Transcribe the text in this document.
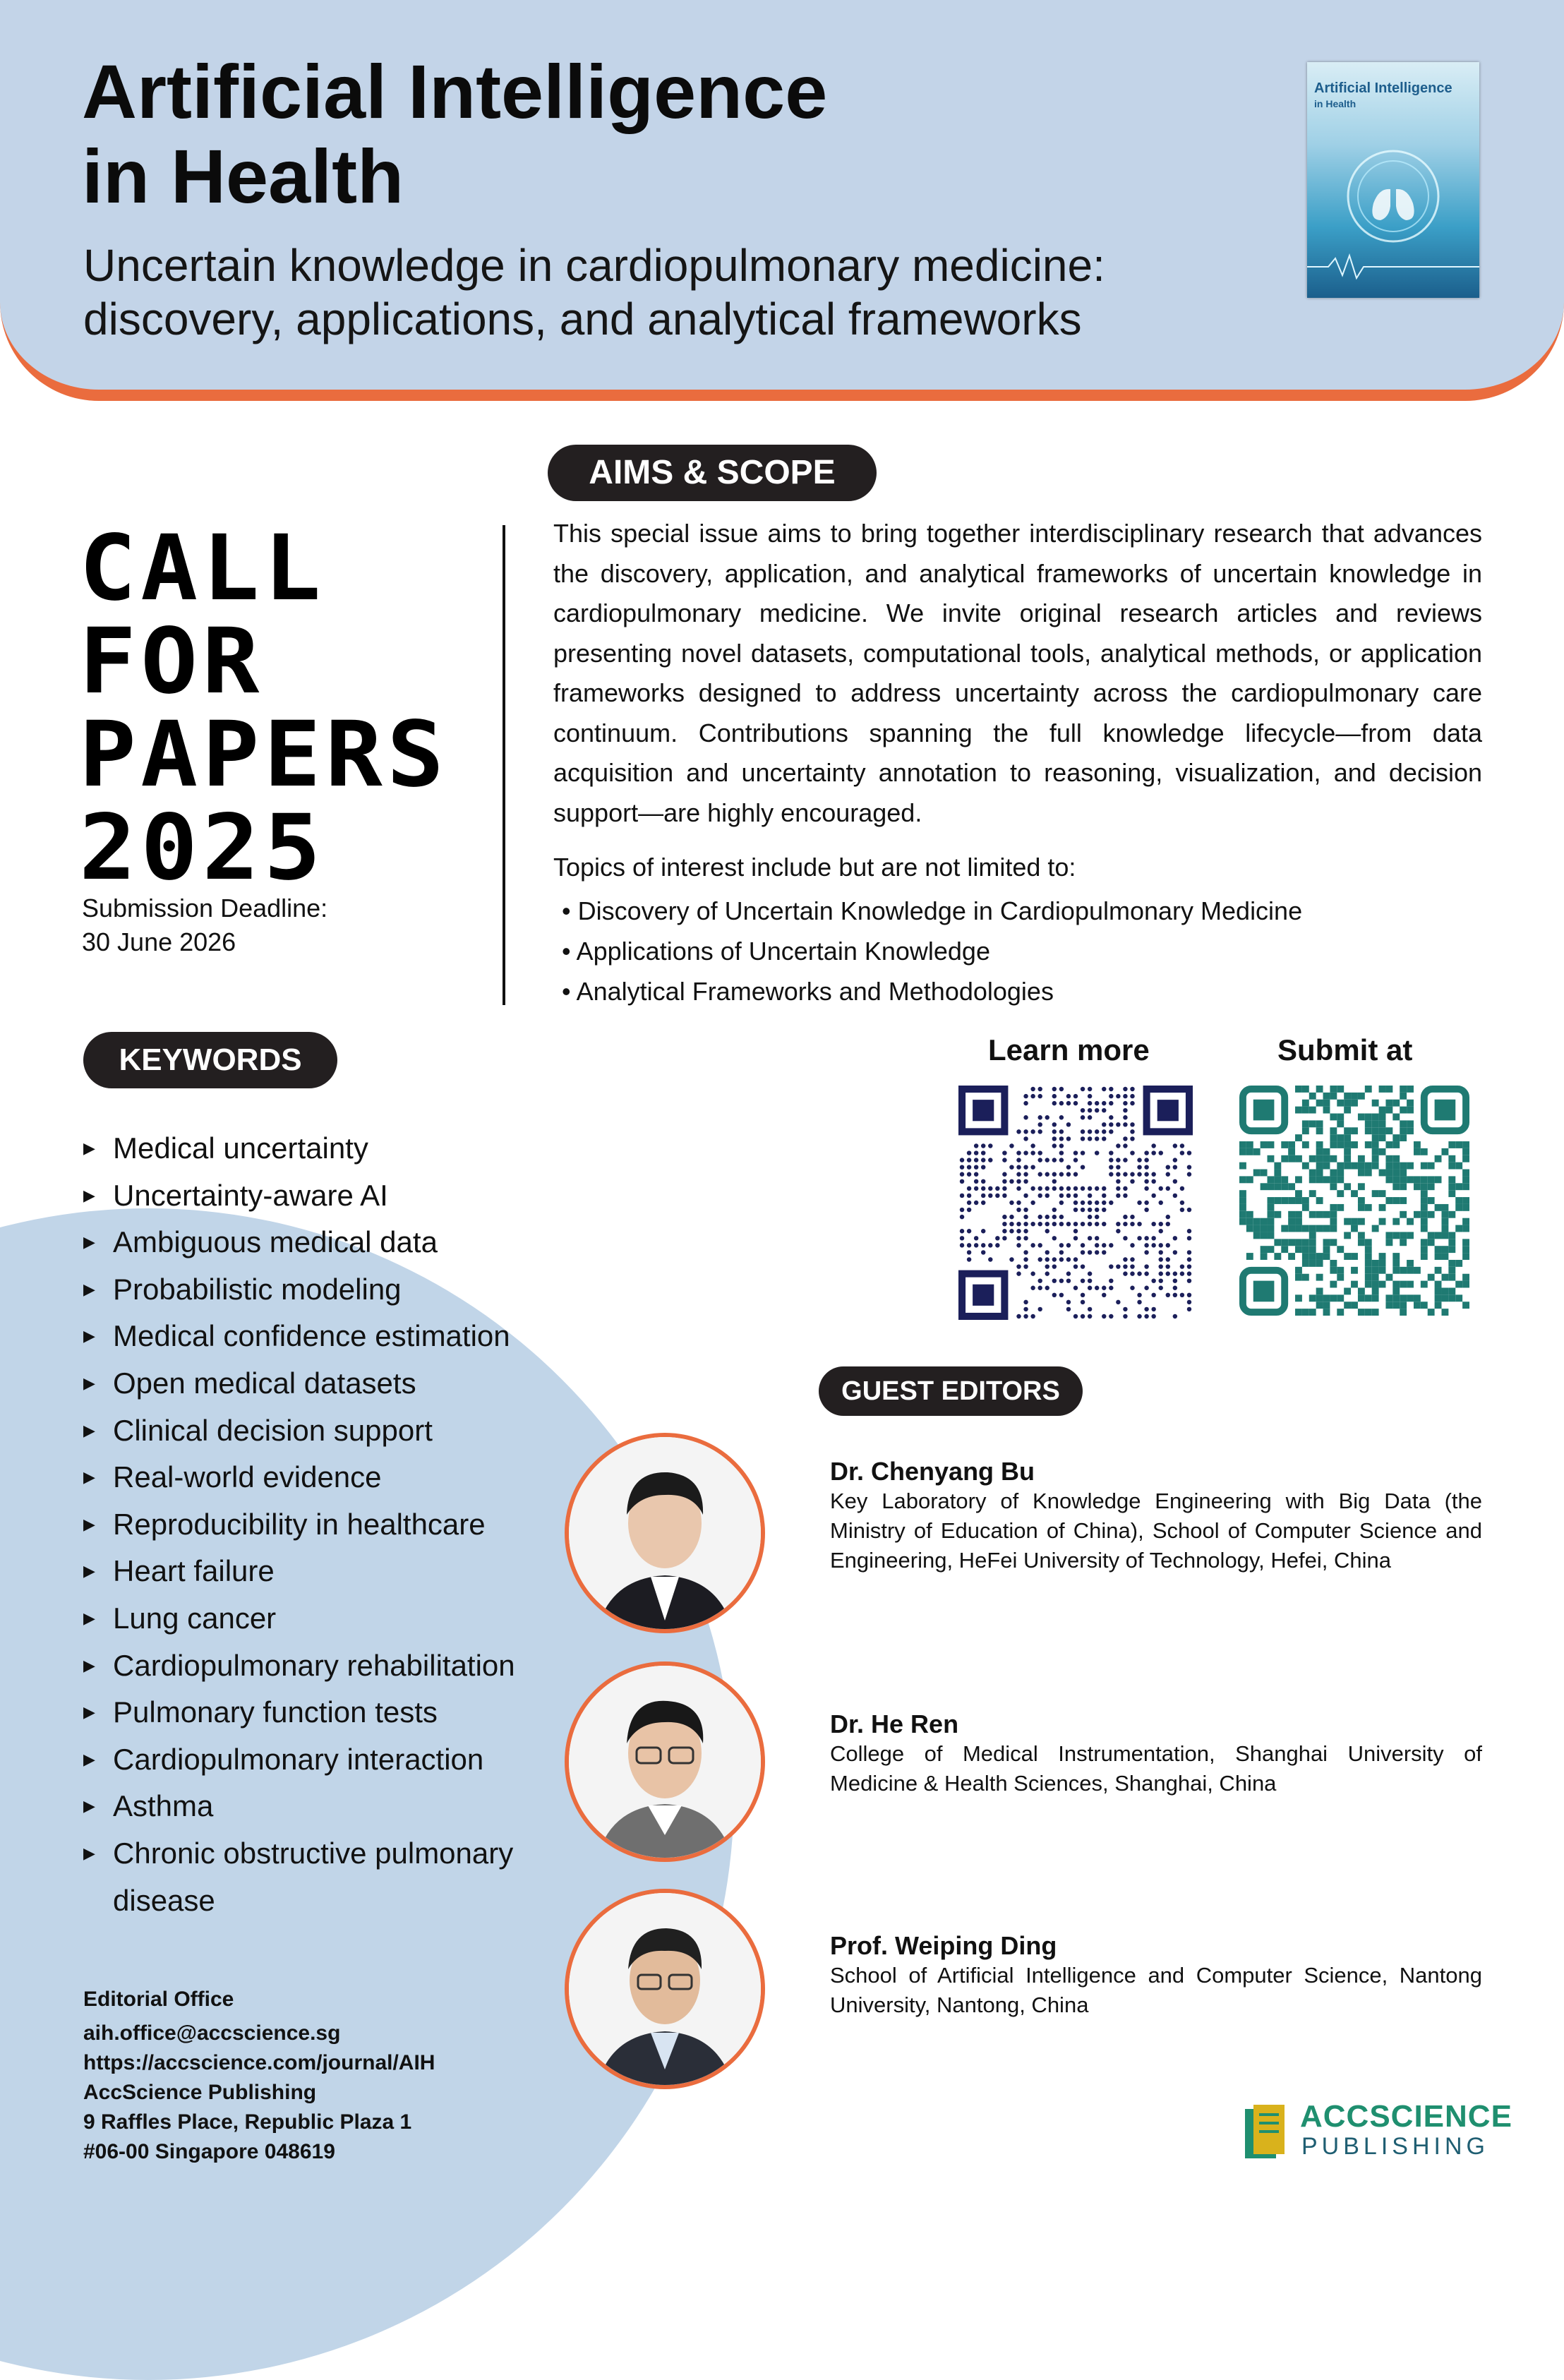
Artificial Intelligence
in Health

Uncertain knowledge in cardiopulmonary medicine:
discovery, applications, and analytical frameworks

Artificial Intelligence
in Health
CALL
FOR
PAPERS
2025
Submission Deadline:
30 June 2026
AIMS & SCOPE

This special issue aims to bring together interdisciplinary research that advances the discovery, application, and analytical frameworks of uncertain knowledge in cardiopulmonary medicine. We invite original research articles and reviews presenting novel datasets, computational tools, analytical methods, or application frameworks designed to address uncertainty across the cardiopulmonary care continuum. Contributions spanning the full knowledge lifecycle—from data acquisition and uncertainty annotation to reasoning, visualization, and decision support—are highly encouraged.

Topics of interest include but are not limited to:
• Discovery of Uncertain Knowledge in Cardiopulmonary Medicine
• Applications of Uncertain Knowledge
• Analytical Frameworks and Methodologies
Learn more	Submit at
KEYWORDS
▶ Medical uncertainty
▶ Uncertainty-aware AI
▶ Ambiguous medical data
▶ Probabilistic modeling
▶ Medical confidence estimation
▶ Open medical datasets
▶ Clinical decision support
▶ Real-world evidence
▶ Reproducibility in healthcare
▶ Heart failure
▶ Lung cancer
▶ Cardiopulmonary rehabilitation
▶ Pulmonary function tests
▶ Cardiopulmonary interaction
▶ Asthma
▶ Chronic obstructive pulmonary
disease
Editorial Office
aih.office@accscience.sg
https://accscience.com/journal/AIH
AccScience Publishing
9 Raffles Place, Republic Plaza 1
#06-00 Singapore 048619
GUEST EDITORS
Dr. Chenyang Bu

Key Laboratory of Knowledge Engineering with Big Data (the Ministry of Education of China), School of Computer Science and Engineering, HeFei University of Technology, Hefei, China

Dr. He Ren

College of Medical Instrumentation, Shanghai University of Medicine & Health Sciences, Shanghai, China

Prof. Weiping Ding

School of Artificial Intelligence and Computer Science, Nantong University, Nantong, China

ACCSCIENCE
PUBLISHING
